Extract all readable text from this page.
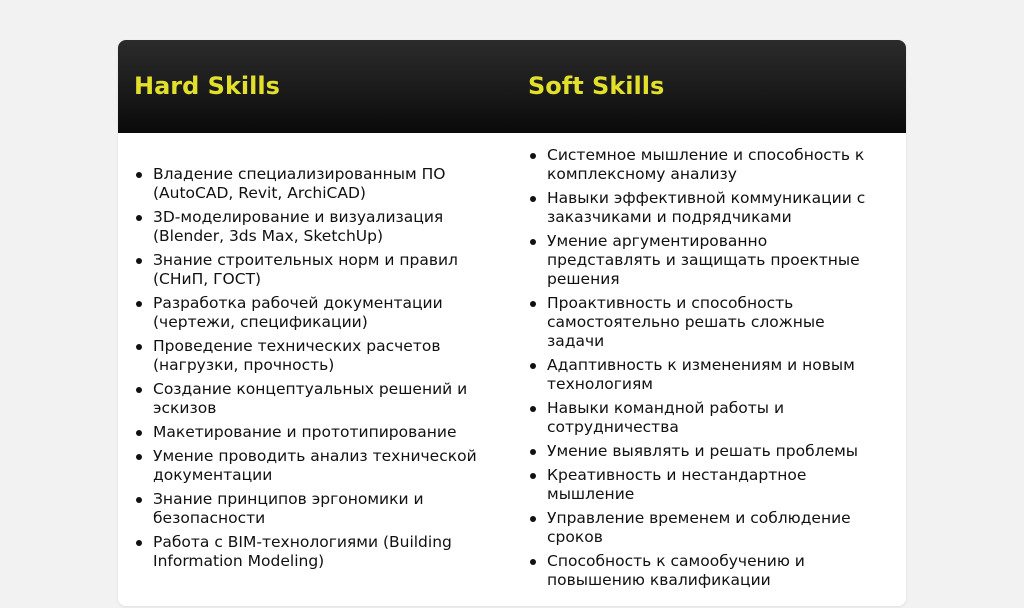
Hard Skills	Soft Skills
Владение специализированным ПО (AutoCAD, Revit, ArchiCAD)
3D-моделирование и визуализация (Blender, 3ds Max, SketchUp)
Знание строительных норм и правил (СНиП, ГОСТ)
Разработка рабочей документации (чертежи, спецификации)
Проведение технических расчетов (нагрузки, прочность)
Создание концептуальных решений и эскизов
Макетирование и прототипирование
Умение проводить анализ технической документации
Знание принципов эргономики и безопасности
Работа с BIM-технологиями (Building Information Modeling)
Системное мышление и способность к комплексному анализу
Навыки эффективной коммуникации с заказчиками и подрядчиками
Умение аргументированно представлять и защищать проектные решения
Проактивность и способность самостоятельно решать сложные задачи
Адаптивность к изменениям и новым технологиям
Навыки командной работы и сотрудничества
Умение выявлять и решать проблемы
Креативность и нестандартное мышление
Управление временем и соблюдение сроков
Способность к самообучению и повышению квалификации
